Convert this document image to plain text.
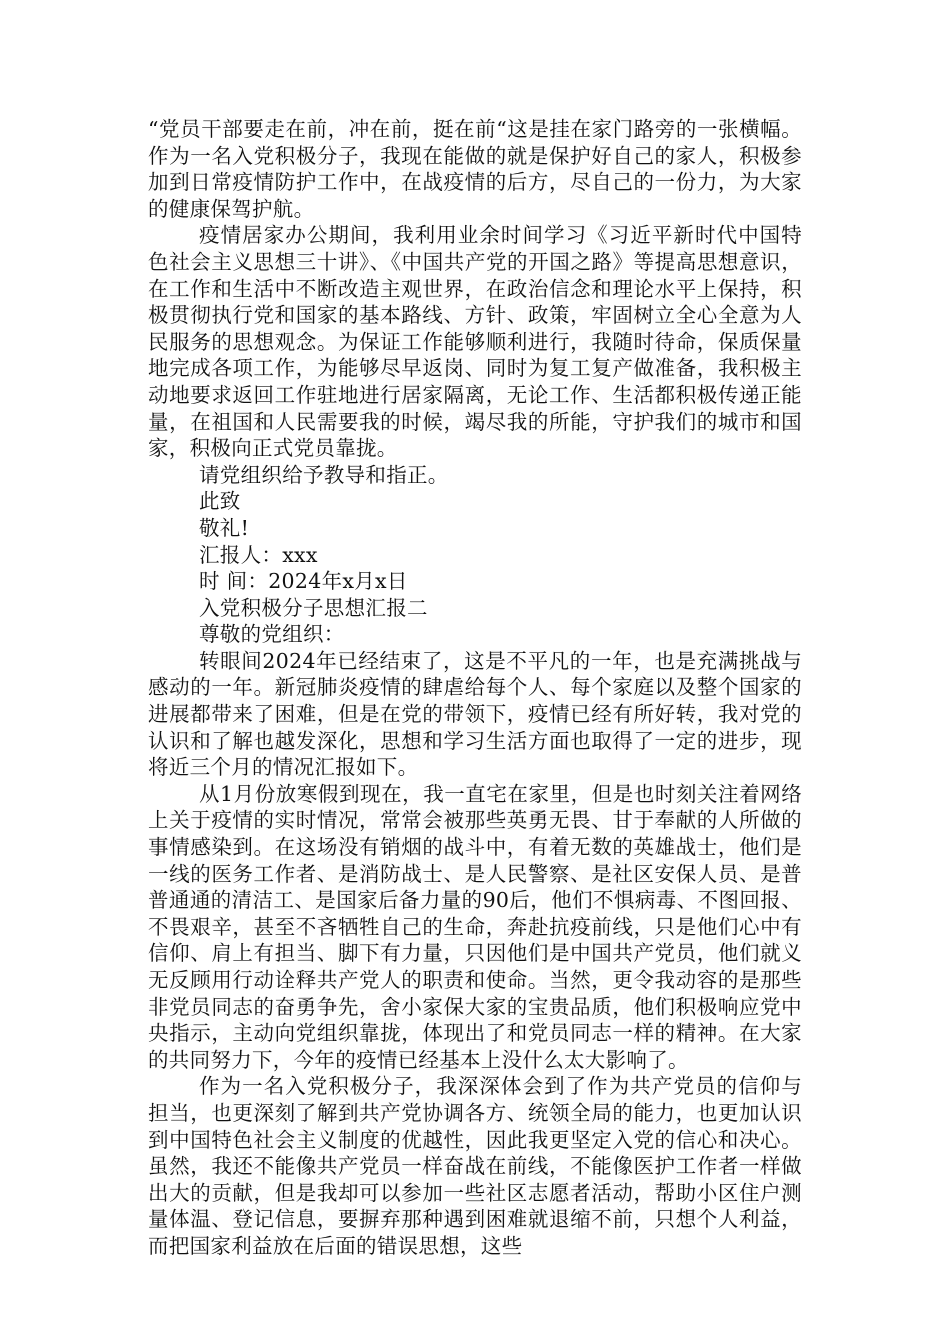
“党员干部要走在前，冲在前，挺在前“这是挂在家门路旁的一张横幅。作为一名入党积极分子，我现在能做的就是保护好自己的家人，积极参加到日常疫情防护工作中，在战疫情的后方，尽自己的一份力，为大家的健康保驾护航。

疫情居家办公期间，我利用业余时间学习《习近平新时代中国特色社会主义思想三十讲》、《中国共产党的开国之路》等提高思想意识，在工作和生活中不断改造主观世界，在政治信念和理论水平上保持，积极贯彻执行党和国家的基本路线、方针、政策，牢固树立全心全意为人民服务的思想观念。为保证工作能够顺利进行，我随时待命，保质保量地完成各项工作，为能够尽早返岗、同时为复工复产做准备，我积极主动地要求返回工作驻地进行居家隔离，无论工作、生活都积极传递正能量，在祖国和人民需要我的时候，竭尽我的所能，守护我们的城市和国家，积极向正式党员靠拢。

请党组织给予教导和指正。

此致

敬礼!

汇报人：xxx

时 间：2024年x月x日

入党积极分子思想汇报二

尊敬的党组织：

转眼间2024年已经结束了，这是不平凡的一年，也是充满挑战与感动的一年。新冠肺炎疫情的肆虐给每个人、每个家庭以及整个国家的进展都带来了困难，但是在党的带领下，疫情已经有所好转，我对党的认识和了解也越发深化，思想和学习生活方面也取得了一定的进步，现将近三个月的情况汇报如下。

从1月份放寒假到现在，我一直宅在家里，但是也时刻关注着网络上关于疫情的实时情况，常常会被那些英勇无畏、甘于奉献的人所做的事情感染到。在这场没有销烟的战斗中，有着无数的英雄战士，他们是一线的医务工作者、是消防战士、是人民警察、是社区安保人员、是普普通通的清洁工、是国家后备力量的90后，他们不惧病毒、不图回报、不畏艰辛，甚至不吝牺牲自己的生命，奔赴抗疫前线，只是他们心中有信仰、肩上有担当、脚下有力量，只因他们是中国共产党员，他们就义无反顾用行动诠释共产党人的职责和使命。当然，更令我动容的是那些非党员同志的奋勇争先，舍小家保大家的宝贵品质，他们积极响应党中央指示，主动向党组织靠拢，体现出了和党员同志一样的精神。在大家的共同努力下，今年的疫情已经基本上没什么太大影响了。

作为一名入党积极分子，我深深体会到了作为共产党员的信仰与担当，也更深刻了解到共产党协调各方、统领全局的能力，也更加认识到中国特色社会主义制度的优越性，因此我更坚定入党的信心和决心。虽然，我还不能像共产党员一样奋战在前线，不能像医护工作者一样做出大的贡献，但是我却可以参加一些社区志愿者活动，帮助小区住户测量体温、登记信息，要摒弃那种遇到困难就退缩不前，只想个人利益，而把国家利益放在后面的错误思想，这些
